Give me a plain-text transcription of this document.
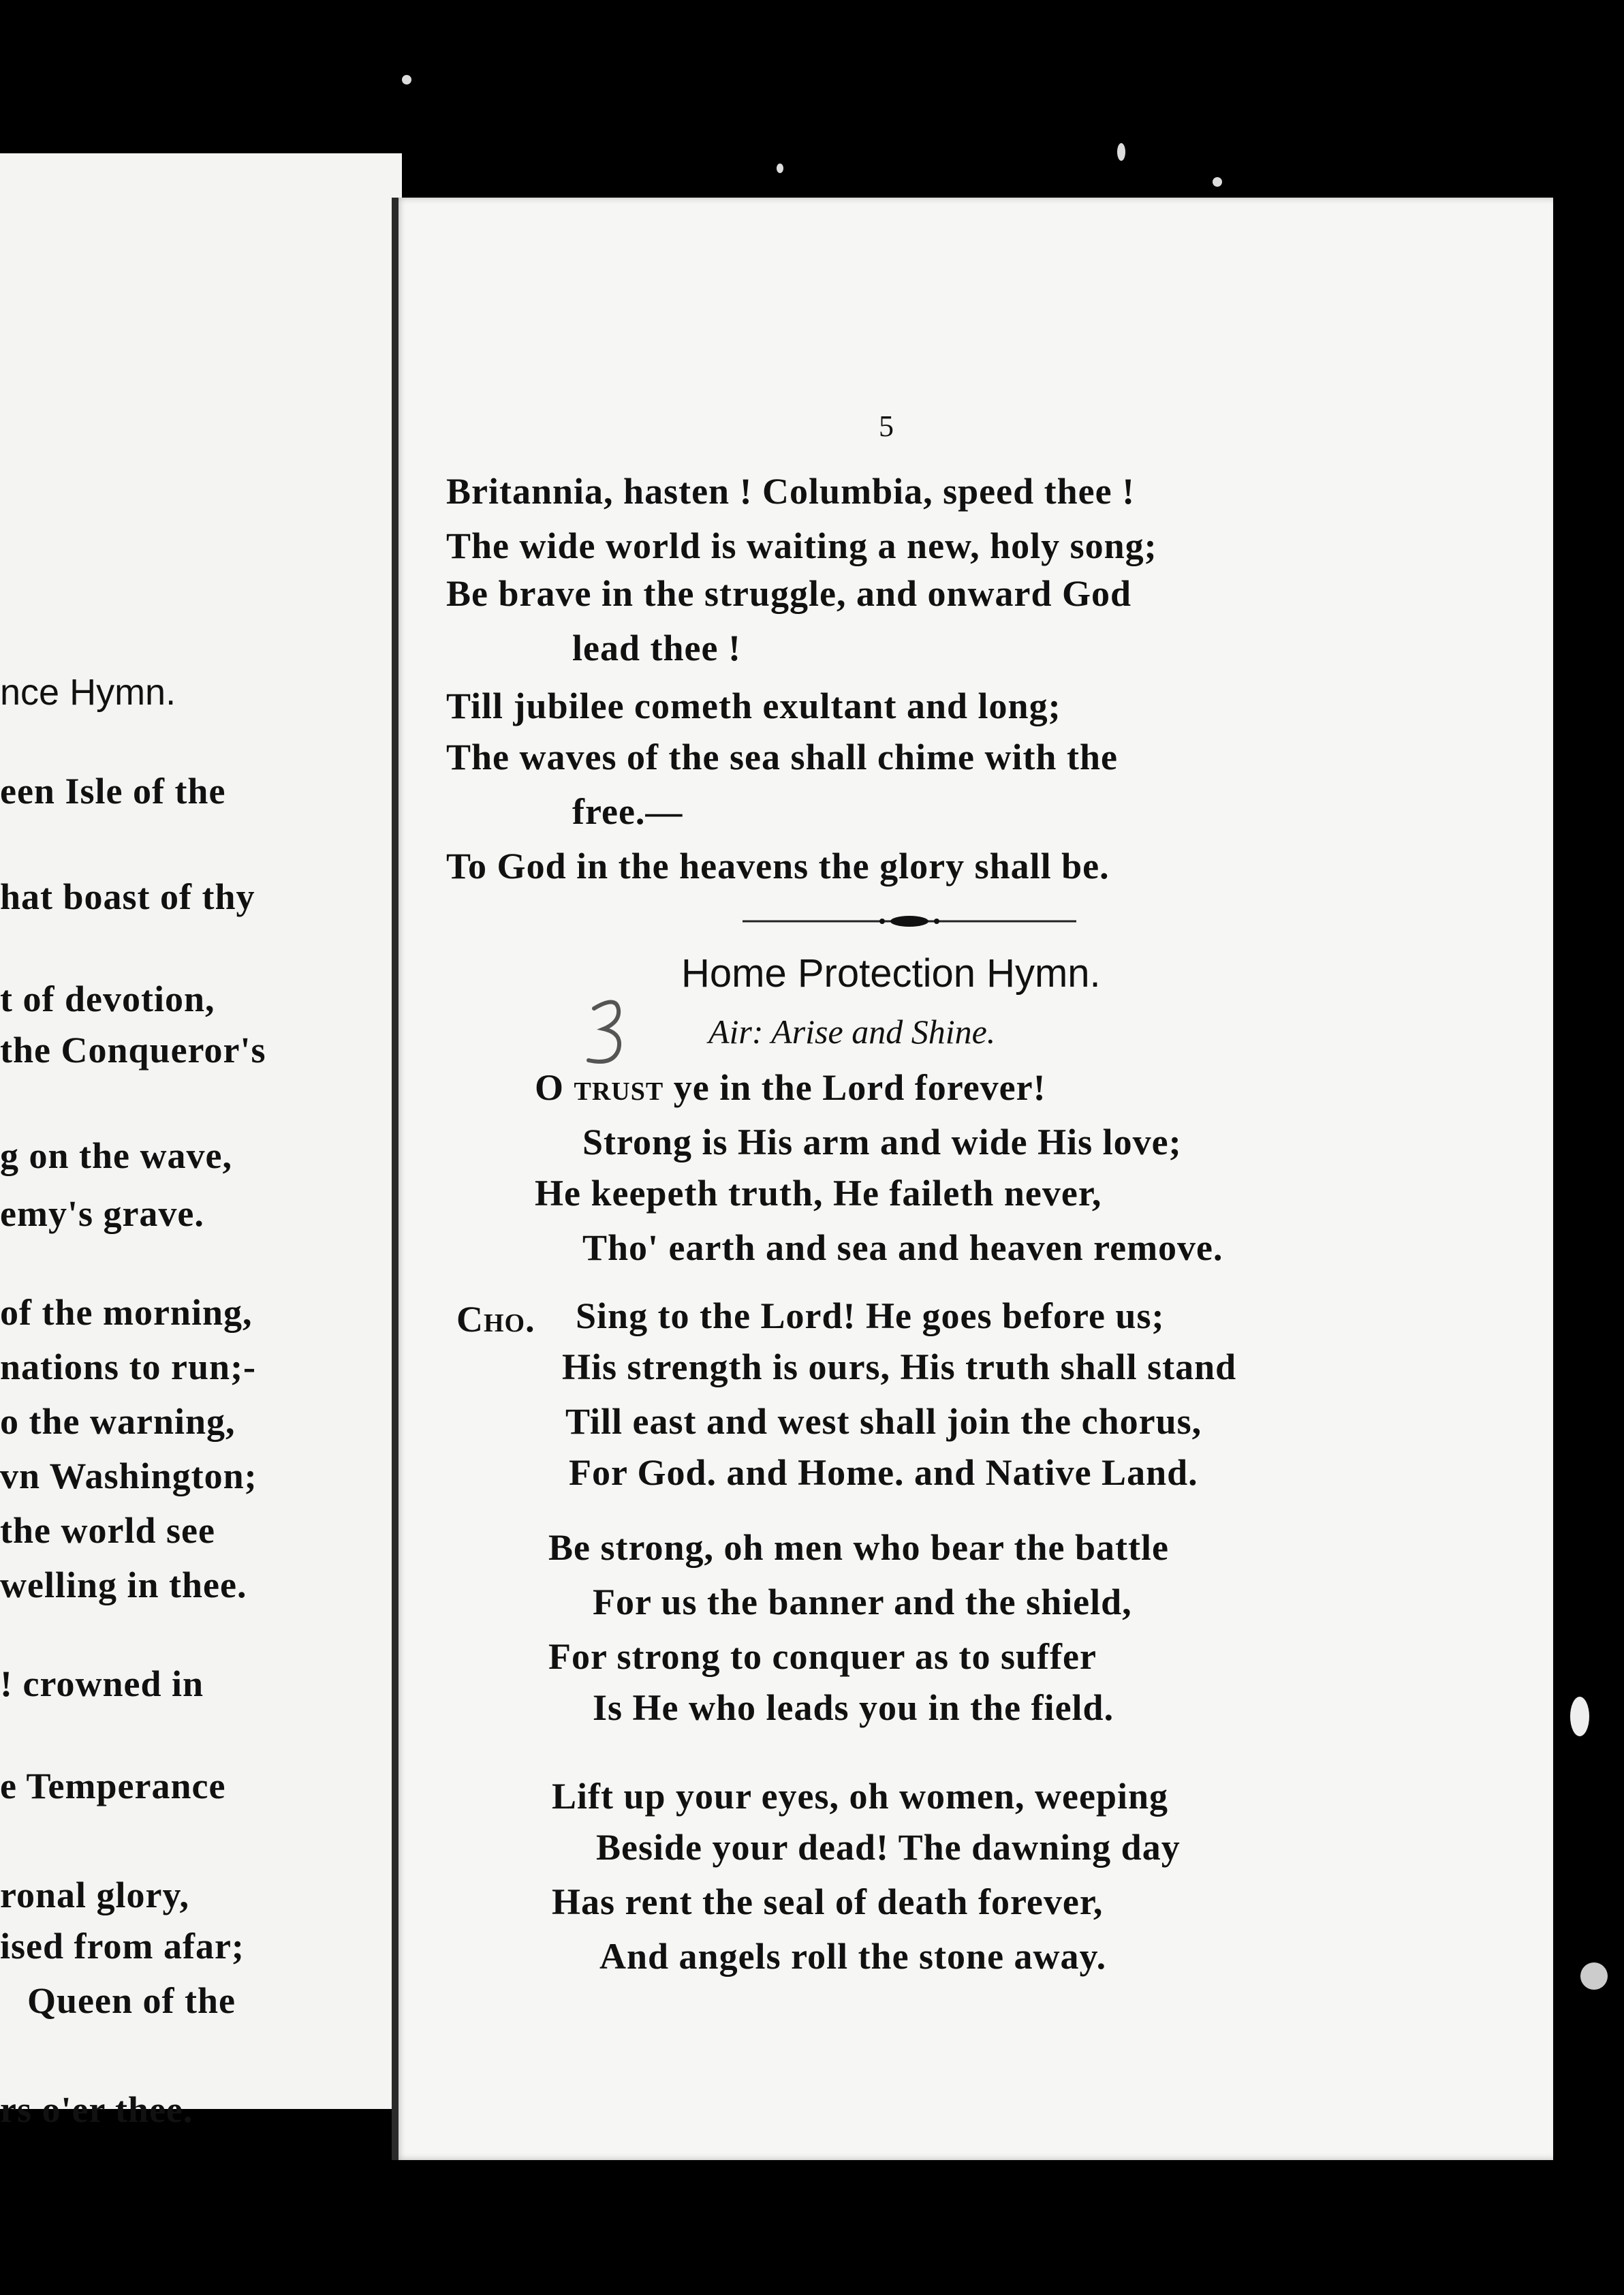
nce Hymn.
een Isle of the
hat boast of thy
t of devotion,
the Conqueror's
g on the wave,
emy's grave.
of the morning,
nations to run;-
o the warning,
vn Washington;
the world see
welling in thee.
! crowned in
e Temperance
ronal glory,
ised from afar;
Queen of the
rs o'er thee.
5
Britannia, hasten ! Columbia, speed thee !
The wide world is waiting a new, holy song;
Be brave in the struggle, and onward God
lead thee !
Till jubilee cometh exultant and long;
The waves of the sea shall chime with the
free.—
To God in the heavens the glory shall be.
Home Protection Hymn.
Air: Arise and Shine.
O trust ye in the Lord forever!
Strong is His arm and wide His love;
He keepeth truth, He faileth never,
Tho' earth and sea and heaven remove.
Cho. Sing to the Lord! He goes before us;
His strength is ours, His truth shall stand
Till east and west shall join the chorus,
For God. and Home. and Native Land.
Be strong, oh men who bear the battle
For us the banner and the shield,
For strong to conquer as to suffer
Is He who leads you in the field.
Lift up your eyes, oh women, weeping
Beside your dead! The dawning day
Has rent the seal of death forever,
And angels roll the stone away.
